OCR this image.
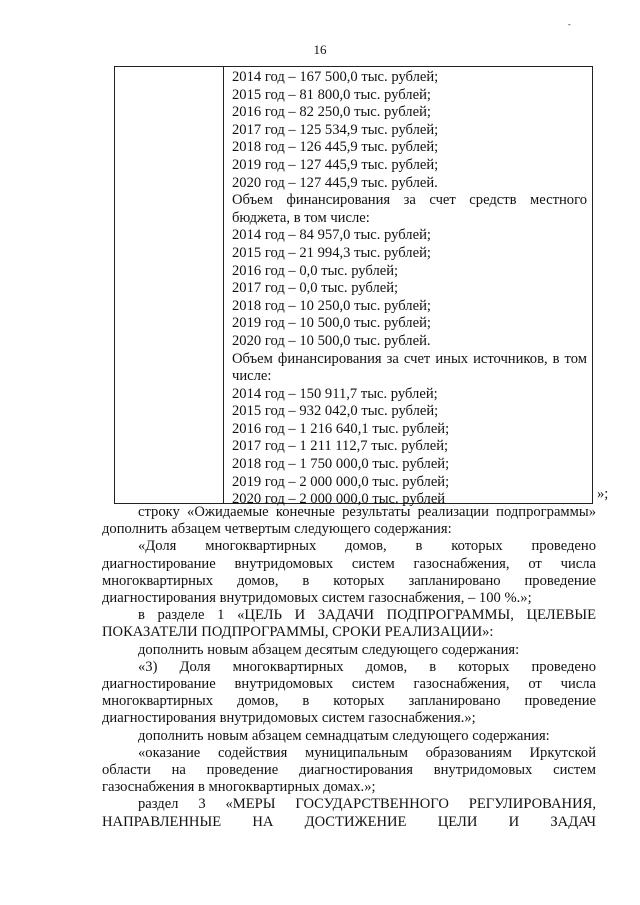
-
16
2014 год – 167 500,0 тыс. рублей;
2015 год – 81 800,0 тыс. рублей;
2016 год – 82 250,0 тыс. рублей;
2017 год – 125 534,9 тыс. рублей;
2018 год – 126 445,9 тыс. рублей;
2019 год – 127 445,9 тыс. рублей;
2020 год – 127 445,9 тыс. рублей.
Объем финансирования за счет средств местного
бюджета, в том числе:
2014 год – 84 957,0 тыс. рублей;
2015 год – 21 994,3 тыс. рублей;
2016 год – 0,0 тыс. рублей;
2017 год – 0,0 тыс. рублей;
2018 год – 10 250,0 тыс. рублей;
2019 год – 10 500,0 тыс. рублей;
2020 год – 10 500,0 тыс. рублей.
Объем финансирования за счет иных источников, в том
числе:
2014 год – 150 911,7 тыс. рублей;
2015 год – 932 042,0 тыс. рублей;
2016 год – 1 216 640,1 тыс. рублей;
2017 год – 1 211 112,7 тыс. рублей;
2018 год – 1 750 000,0 тыс. рублей;
2019 год – 2 000 000,0 тыс. рублей;
2020 год – 2 000 000,0 тыс. рублей	»;

строку «Ожидаемые конечные результаты реализации подпрограммы»

дополнить абзацем четвертым следующего содержания:

«Доля многоквартирных домов, в которых проведено

диагностирование внутридомовых систем газоснабжения, от числа

многоквартирных домов, в которых запланировано проведение

диагностирования внутридомовых систем газоснабжения, – 100 %.»;

в разделе 1 «ЦЕЛЬ И ЗАДАЧИ ПОДПРОГРАММЫ, ЦЕЛЕВЫЕ

ПОКАЗАТЕЛИ ПОДПРОГРАММЫ, СРОКИ РЕАЛИЗАЦИИ»:

дополнить новым абзацем десятым следующего содержания:

«3) Доля многоквартирных домов, в которых проведено

диагностирование внутридомовых систем газоснабжения, от числа

многоквартирных домов, в которых запланировано проведение

диагностирования внутридомовых систем газоснабжения.»;

дополнить новым абзацем семнадцатым следующего содержания:

«оказание содействия муниципальным образованиям Иркутской

области на проведение диагностирования внутридомовых систем

газоснабжения в многоквартирных домах.»;

раздел 3 «МЕРЫ ГОСУДАРСТВЕННОГО РЕГУЛИРОВАНИЯ,

НАПРАВЛЕННЫЕ НА ДОСТИЖЕНИЕ ЦЕЛИ И ЗАДАЧ
